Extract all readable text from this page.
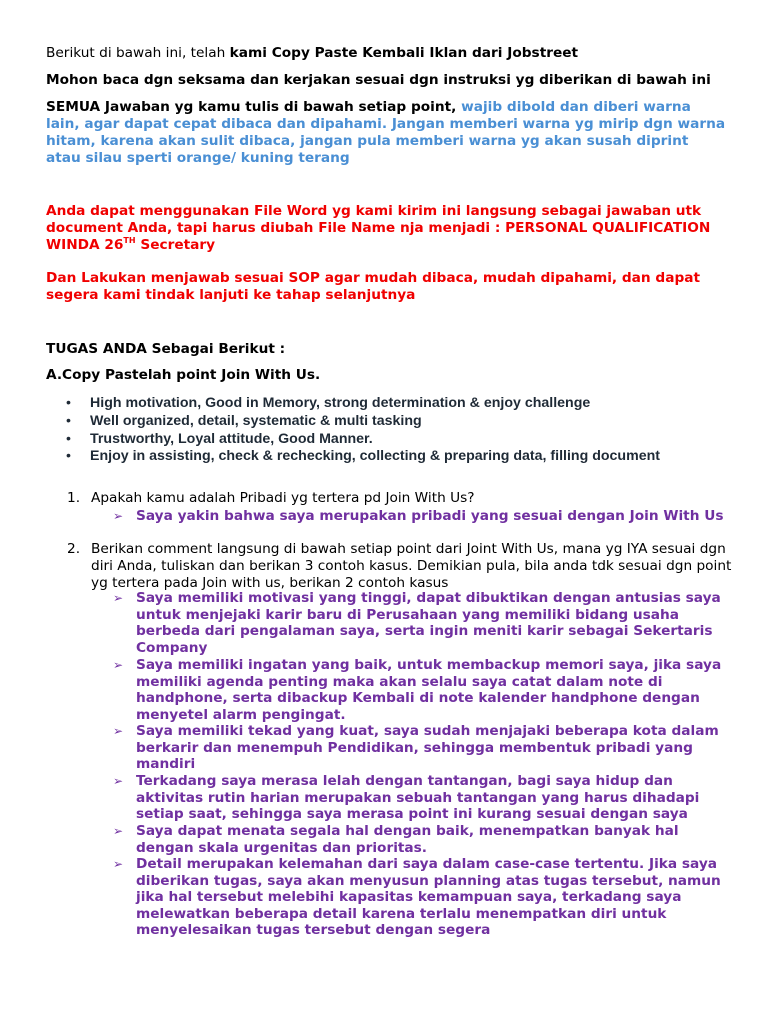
Berikut di bawah ini, telah kami Copy Paste Kembali Iklan dari Jobstreet

Mohon baca dgn seksama dan kerjakan sesuai dgn instruksi yg diberikan di bawah ini

SEMUA Jawaban yg kamu tulis di bawah setiap point, wajib dibold dan diberi warna lain, agar dapat cepat dibaca dan dipahami. Jangan memberi warna yg mirip dgn warna hitam, karena akan sulit dibaca, jangan pula memberi warna yg akan susah diprint atau silau sperti orange/ kuning terang

Anda dapat menggunakan File Word yg kami kirim ini langsung sebagai jawaban utk document Anda, tapi harus diubah File Name nja menjadi : PERSONAL QUALIFICATION WINDA 26TH Secretary

Dan Lakukan menjawab sesuai SOP agar mudah dibaca, mudah dipahami, dan dapat segera kami tindak lanjuti ke tahap selanjutnya

TUGAS ANDA Sebagai Berikut :

A.Copy Pastelah point Join With Us.

• High motivation, Good in Memory, strong determination & enjoy challenge
• Well organized, detail, systematic & multi tasking
• Trustworthy, Loyal attitude, Good Manner.
• Enjoy in assisting, check & rechecking, collecting & preparing data, filling document
1. Apakah kamu adalah Pribadi yg tertera pd Join With Us?
➢ Saya yakin bahwa saya merupakan pribadi yang sesuai dengan Join With Us
2. Berikan comment langsung di bawah setiap point dari Joint With Us, mana yg IYA sesuai dgn diri Anda, tuliskan dan berikan 3 contoh kasus. Demikian pula, bila anda tdk sesuai dgn point yg tertera pada Join with us, berikan 2 contoh kasus
➢ Saya memiliki motivasi yang tinggi, dapat dibuktikan dengan antusias saya untuk menjejaki karir baru di Perusahaan yang memiliki bidang usaha berbeda dari pengalaman saya, serta ingin meniti karir sebagai Sekertaris Company
➢ Saya memiliki ingatan yang baik, untuk membackup memori saya, jika saya memiliki agenda penting maka akan selalu saya catat dalam note di handphone, serta dibackup Kembali di note kalender handphone dengan menyetel alarm pengingat.
➢ Saya memiliki tekad yang kuat, saya sudah menjajaki beberapa kota dalam berkarir dan menempuh Pendidikan, sehingga membentuk pribadi yang mandiri
➢ Terkadang saya merasa lelah dengan tantangan, bagi saya hidup dan aktivitas rutin harian merupakan sebuah tantangan yang harus dihadapi setiap saat, sehingga saya merasa point ini kurang sesuai dengan saya
➢ Saya dapat menata segala hal dengan baik, menempatkan banyak hal dengan skala urgenitas dan prioritas.
➢ Detail merupakan kelemahan dari saya dalam case-case tertentu. Jika saya diberikan tugas, saya akan menyusun planning atas tugas tersebut, namun jika hal tersebut melebihi kapasitas kemampuan saya, terkadang saya melewatkan beberapa detail karena terlalu menempatkan diri untuk menyelesaikan tugas tersebut dengan segera
